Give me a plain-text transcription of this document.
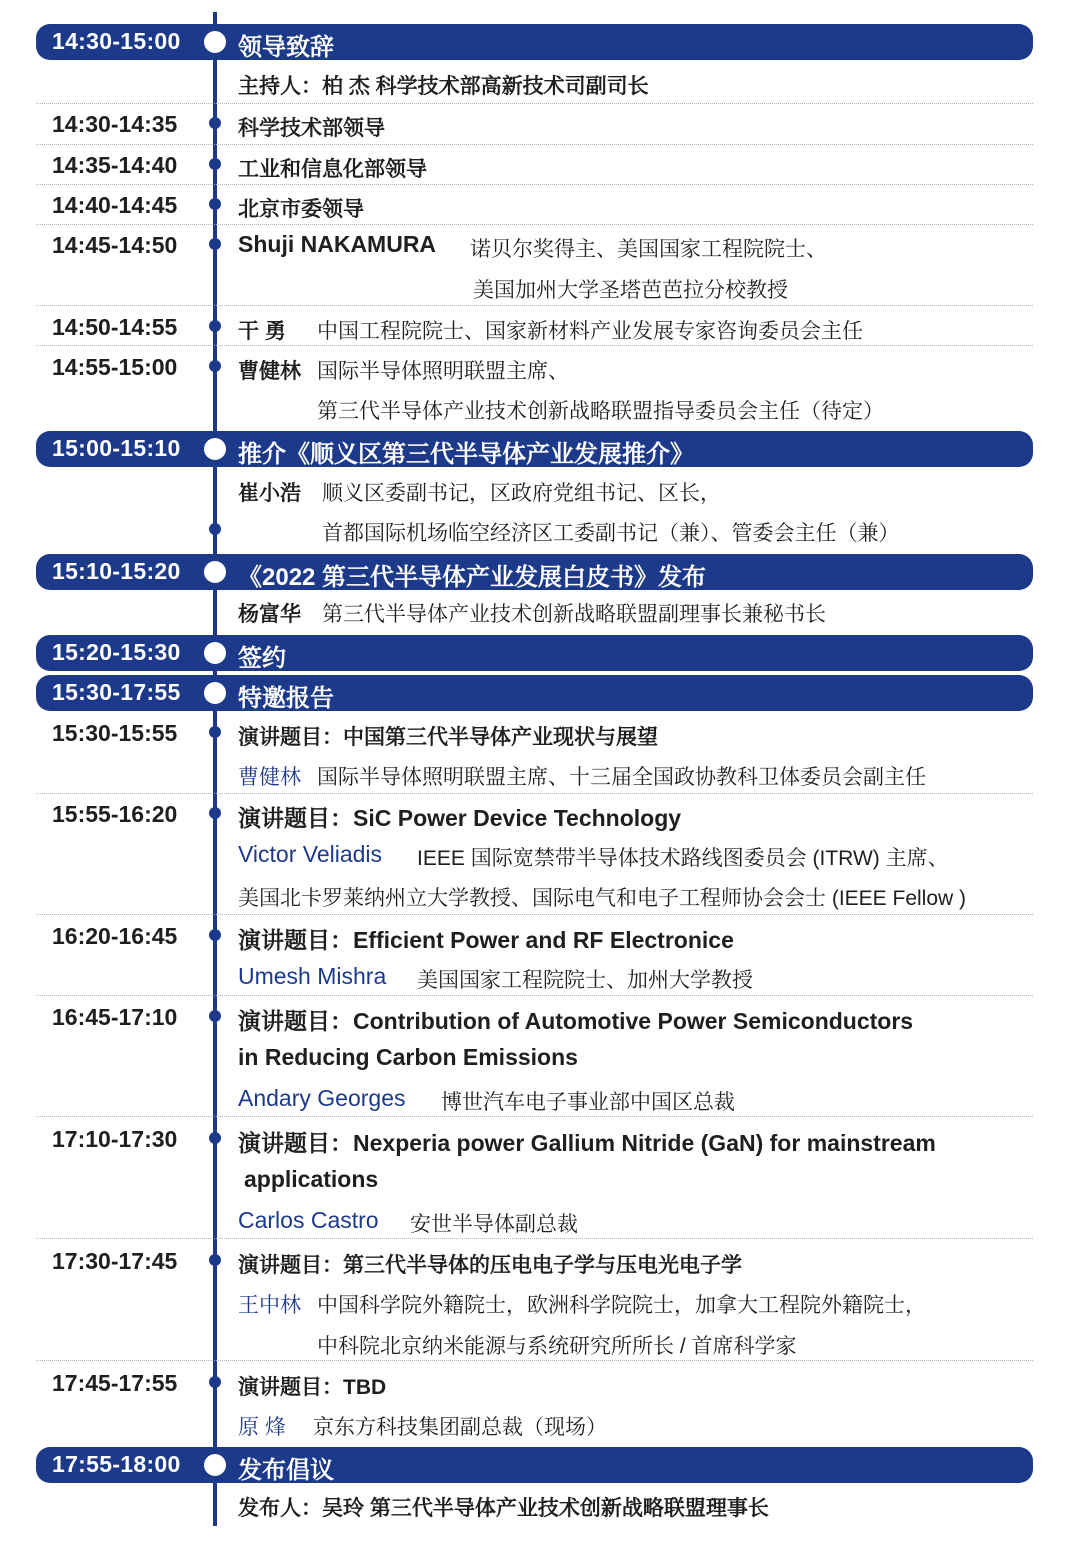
14:30-15:00 领导致辞
主持人：柏 杰 科学技术部高新技术司副司长
14:30-14:35	科学技术部领导
14:35-14:40	工业和信息化部领导
14:40-14:45	北京市委领导
14:45-14:50	Shuji NAKAMURA 诺贝尔奖得主、美国国家工程院院士、
美国加州大学圣塔芭芭拉分校教授
14:50-14:55	干 勇 中国工程院院士、国家新材料产业发展专家咨询委员会主任
14:55-15:00	曹健林 国际半导体照明联盟主席、
第三代半导体产业技术创新战略联盟指导委员会主任（待定）
15:00-15:10 推介《顺义区第三代半导体产业发展推介》
崔小浩 顺义区委副书记，区政府党组书记、区长，
首都国际机场临空经济区工委副书记（兼）、管委会主任（兼）
15:10-15:20 《2022 第三代半导体产业发展白皮书》发布
杨富华 第三代半导体产业技术创新战略联盟副理事长兼秘书长
15:20-15:30 签约
15:30-17:55 特邀报告
15:30-15:55	演讲题目：中国第三代半导体产业现状与展望
曹健林 国际半导体照明联盟主席、十三届全国政协教科卫体委员会副主任
15:55-16:20	演讲题目：SiC Power Device Technology
Victor Veliadis IEEE 国际宽禁带半导体技术路线图委员会 (ITRW) 主席、
美国北卡罗莱纳州立大学教授、国际电气和电子工程师协会会士 (IEEE Fellow )
16:20-16:45	演讲题目：Efficient Power and RF Electronice
Umesh Mishra 美国国家工程院院士、加州大学教授
16:45-17:10	演讲题目：Contribution of Automotive Power Semiconductors
in Reducing Carbon Emissions
Andary Georges 博世汽车电子事业部中国区总裁
17:10-17:30	演讲题目：Nexperia power Gallium Nitride (GaN) for mainstream
applications
Carlos Castro 安世半导体副总裁
17:30-17:45	演讲题目：第三代半导体的压电电子学与压电光电子学
王中林 中国科学院外籍院士，欧洲科学院院士，加拿大工程院外籍院士，
中科院北京纳米能源与系统研究所所长 / 首席科学家
17:45-17:55	演讲题目：TBD
原 烽 京东方科技集团副总裁（现场）
17:55-18:00 发布倡议
发布人：吴玲 第三代半导体产业技术创新战略联盟理事长
